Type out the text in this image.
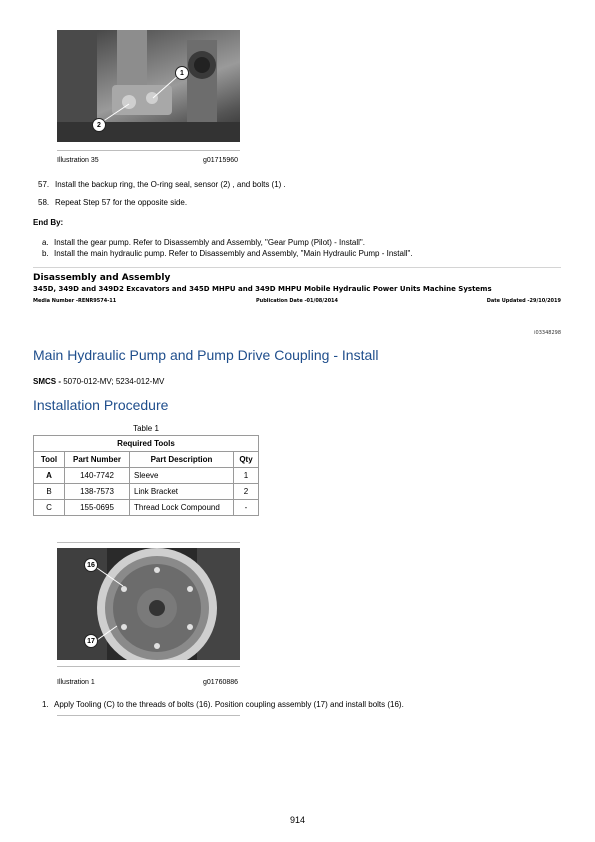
1
2
Illustration 35	g01715960
57. Install the backup ring, the O-ring seal, sensor (2) , and bolts (1) .
58. Repeat Step 57 for the opposite side.
End By:
a. Install the gear pump. Refer to Disassembly and Assembly, "Gear Pump (Pilot) - Install".
b. Install the main hydraulic pump. Refer to Disassembly and Assembly, "Main Hydraulic Pump - Install".
Disassembly and Assembly
345D, 349D and 349D2 Excavators and 345D MHPU and 349D MHPU Mobile Hydraulic Power Units Machine Systems
Media Number -RENR9574-11	Publication Date -01/08/2014	Date Updated -29/10/2019
i03348298
Main Hydraulic Pump and Pump Drive Coupling - Install
SMCS - 5070-012-MV; 5234-012-MV
Installation Procedure
Table 1
Required Tools			
Tool	Part Number	Part Description	Qty
A	140-7742	Sleeve	1
B	138-7573	Link Bracket	2
C	155-0695	Thread Lock Compound	-
16
17
Illustration 1	g01760886
1. Apply Tooling (C) to the threads of bolts (16). Position coupling assembly (17) and install bolts (16).
914
